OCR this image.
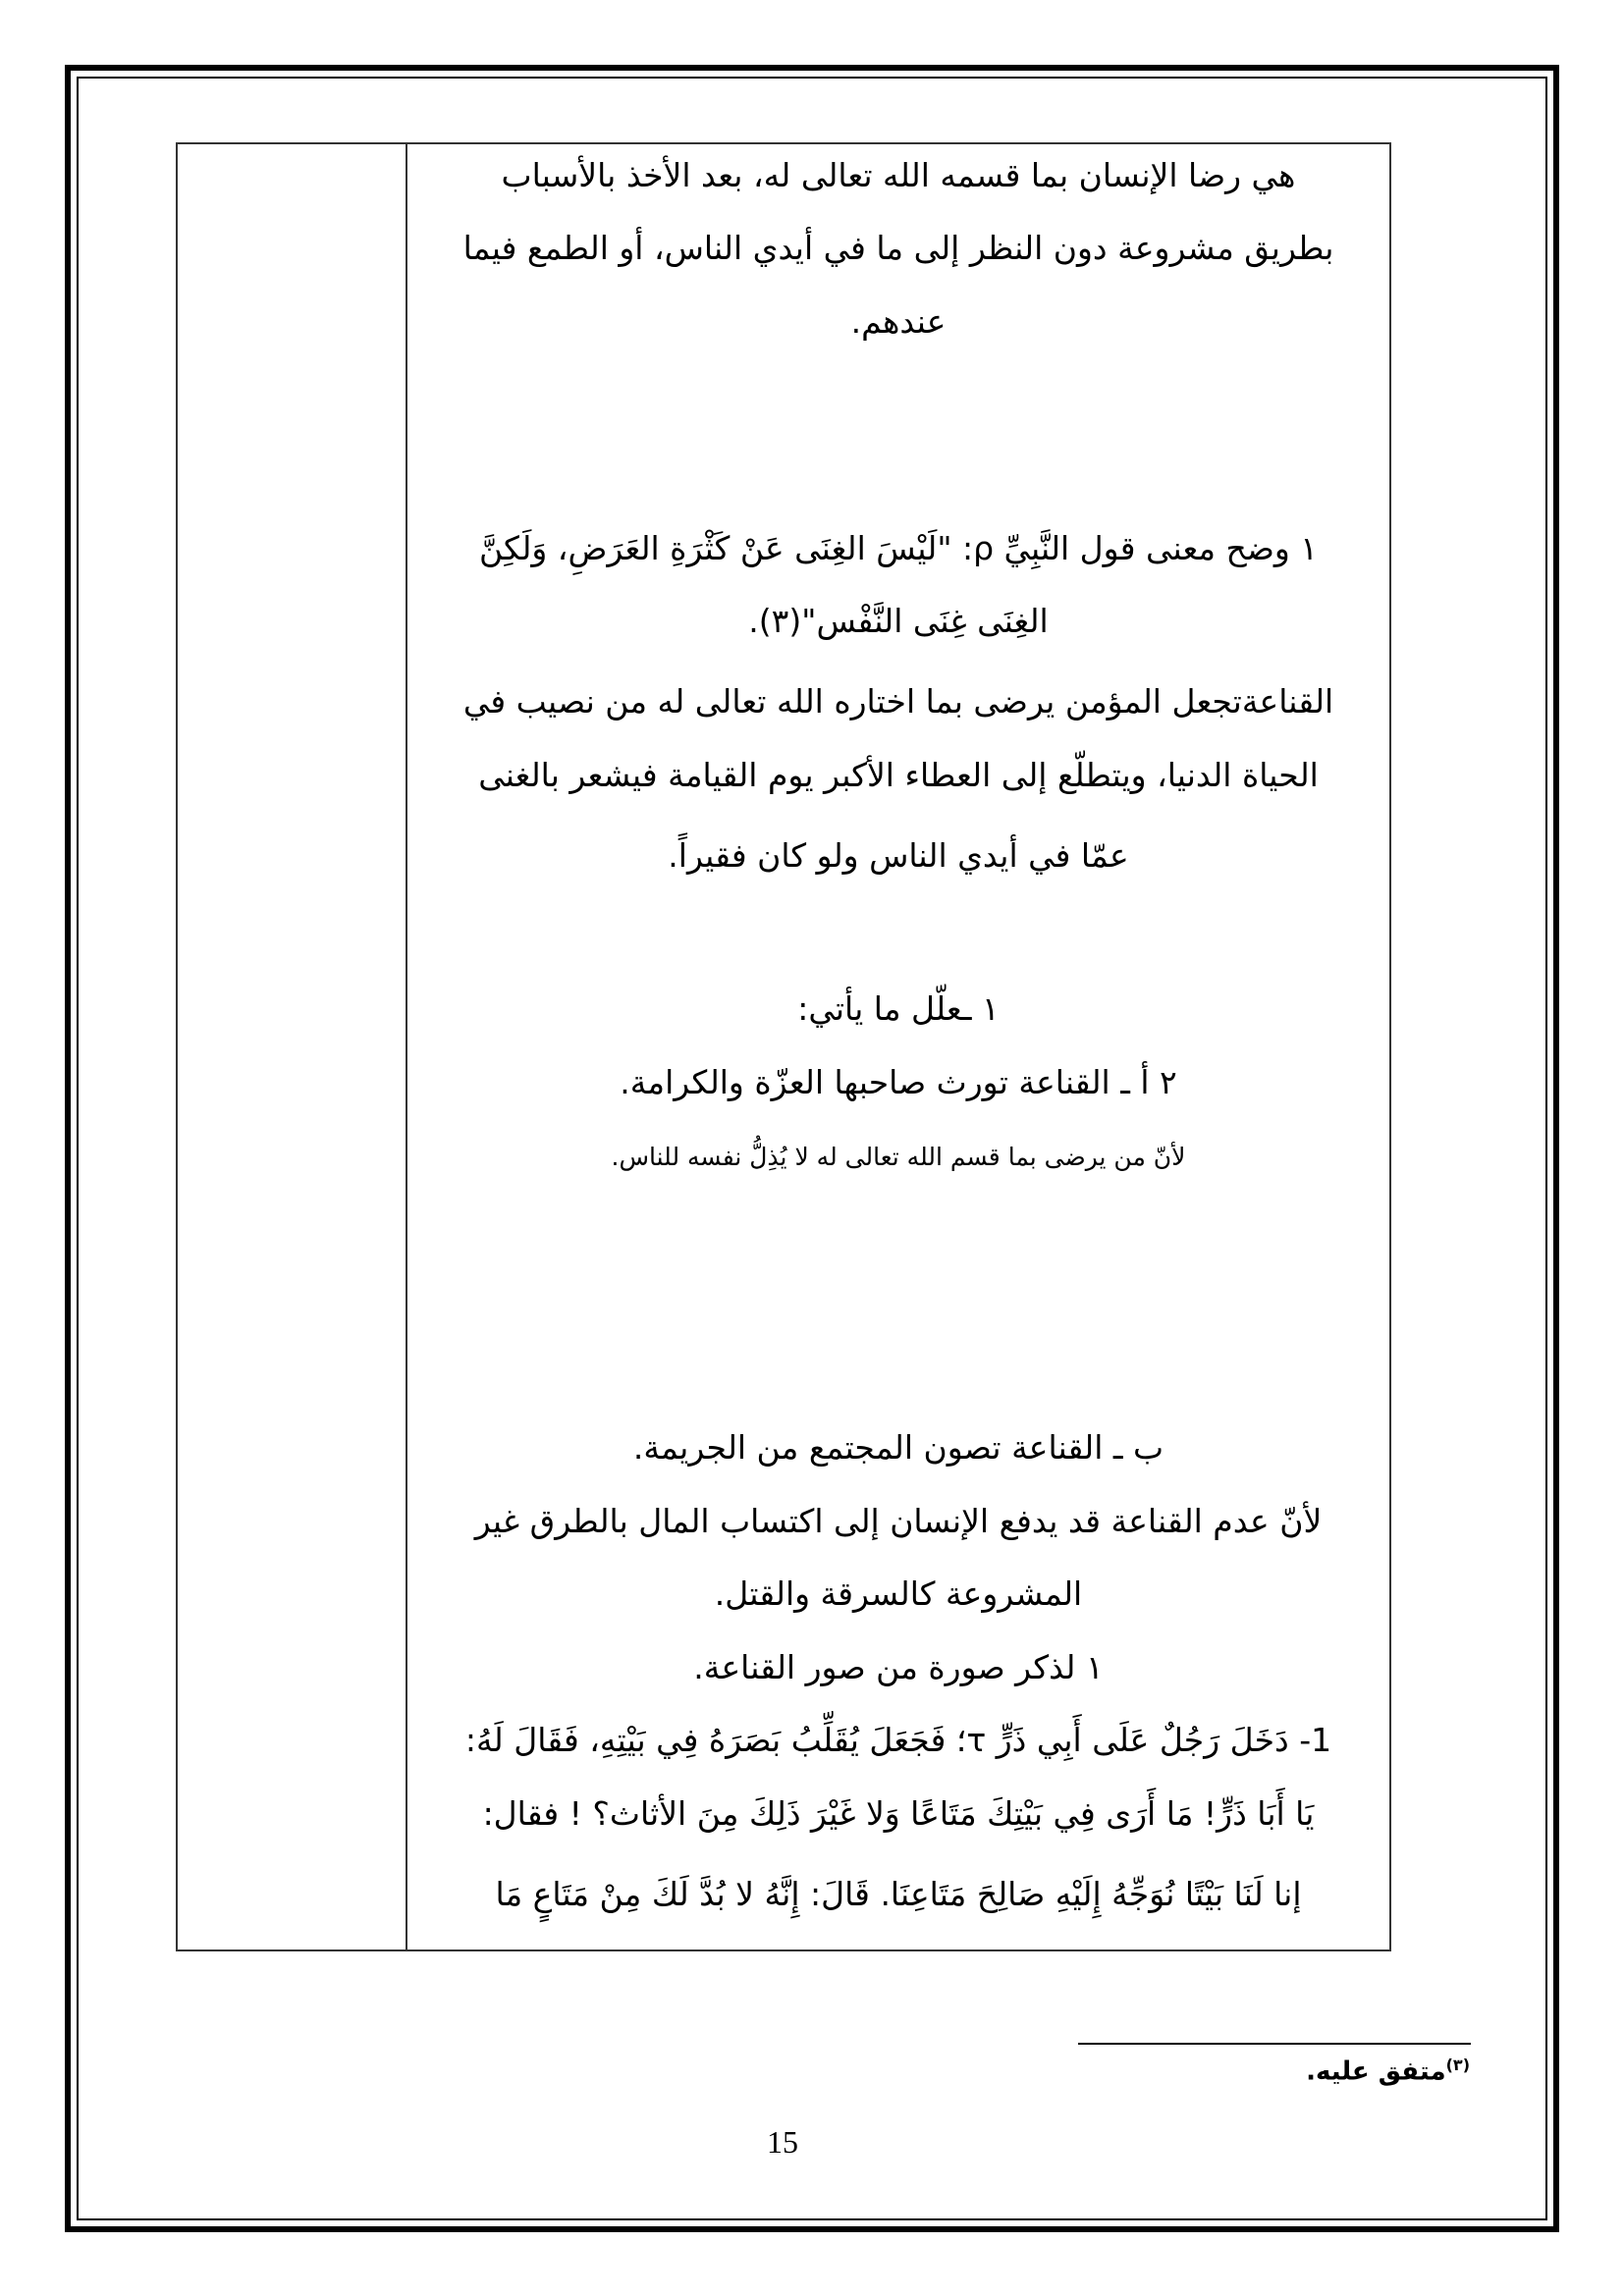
هي رضا الإنسان بما قسمه الله تعالى له، بعد الأخذ بالأسباب
بطريق مشروعة دون النظر إلى ما في أيدي الناس، أو الطمع فيما
عندهم.
١ وضح معنى قول النَّبِيِّ ρ: "لَيْسَ الغِنَى عَنْ كَثْرَةِ العَرَضِ، وَلَكِنَّ
الغِنَى غِنَى النَّفْس"(٣).
القناعةتجعل المؤمن يرضى بما اختاره الله تعالى له من نصيب في
الحياة الدنيا، ويتطلّع إلى العطاء الأكبر يوم القيامة فيشعر بالغنى
عمّا في أيدي الناس ولو كان فقيراً.
١ ـعلّل ما يأتي:
٢ أ ـ القناعة تورث صاحبها العزّة والكرامة.
لأنّ من يرضى بما قسم الله تعالى له لا يُذِلُّ نفسه للناس.
ب ـ القناعة تصون المجتمع من الجريمة.
لأنّ عدم القناعة قد يدفع الإنسان إلى اكتساب المال بالطرق غير
المشروعة كالسرقة والقتل.
١ لذكر صورة من صور القناعة.
1- دَخَلَ رَجُلٌ عَلَى أَبِي ذَرٍّ τ؛ فَجَعَلَ يُقَلِّبُ بَصَرَهُ فِي بَيْتِهِ، فَقَالَ لَهُ:
يَا أَبَا ذَرٍّ! مَا أَرَى فِي بَيْتِكَ مَتَاعًا وَلا غَيْرَ ذَلِكَ مِنَ الأثاث؟ ! فقال:
إنا لَنَا بَيْتًا نُوَجِّهُ إِلَيْهِ صَالِحَ مَتَاعِنَا. قَالَ: إِنَّهُ لا بُدَّ لَكَ مِنْ مَتَاعٍ مَا
$^{(٣)}$متفق عليه.
15
